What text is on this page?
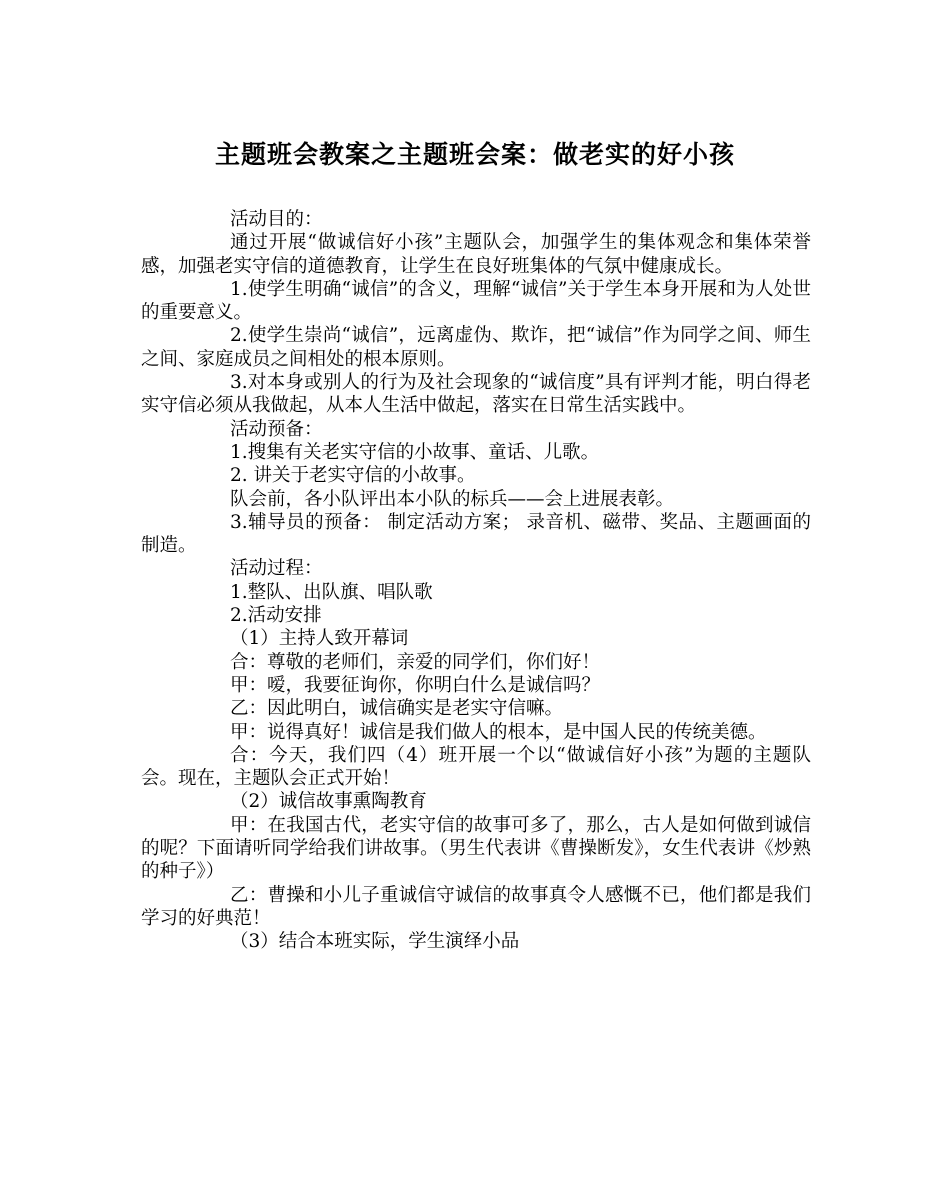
主题班会教案之主题班会案：做老实的好小孩

活动目的：

通过开展“做诚信好小孩”主题队会，加强学生的集体观念和集体荣誉感，加强老实守信的道德教育，让学生在良好班集体的气氛中健康成长。

1.使学生明确“诚信”的含义，理解“诚信”关于学生本身开展和为人处世的重要意义。

2.使学生崇尚“诚信”，远离虚伪、欺诈，把“诚信”作为同学之间、师生之间、家庭成员之间相处的根本原则。

3.对本身或别人的行为及社会现象的“诚信度”具有评判才能，明白得老实守信必须从我做起，从本人生活中做起，落实在日常生活实践中。

活动预备：

1.搜集有关老实守信的小故事、童话、儿歌。

2. 讲关于老实守信的小故事。

队会前，各小队评出本小队的标兵——会上进展表彰。

3.辅导员的预备： 制定活动方案； 录音机、磁带、奖品、主题画面的制造。

活动过程：

1.整队、出队旗、唱队歌

2.活动安排

（1）主持人致开幕词

合：尊敬的老师们，亲爱的同学们，你们好！

甲：嗳，我要征询你，你明白什么是诚信吗？

乙：因此明白，诚信确实是老实守信嘛。

甲：说得真好！诚信是我们做人的根本，是中国人民的传统美德。

合：今天，我们四（4）班开展一个以“做诚信好小孩”为题的主题队会。现在，主题队会正式开始！

（2）诚信故事熏陶教育

甲：在我国古代，老实守信的故事可多了，那么，古人是如何做到诚信的呢？下面请听同学给我们讲故事。（男生代表讲《曹操断发》，女生代表讲《炒熟的种子》）

乙：曹操和小儿子重诚信守诚信的故事真令人感慨不已，他们都是我们学习的好典范！

（3）结合本班实际，学生演绎小品
